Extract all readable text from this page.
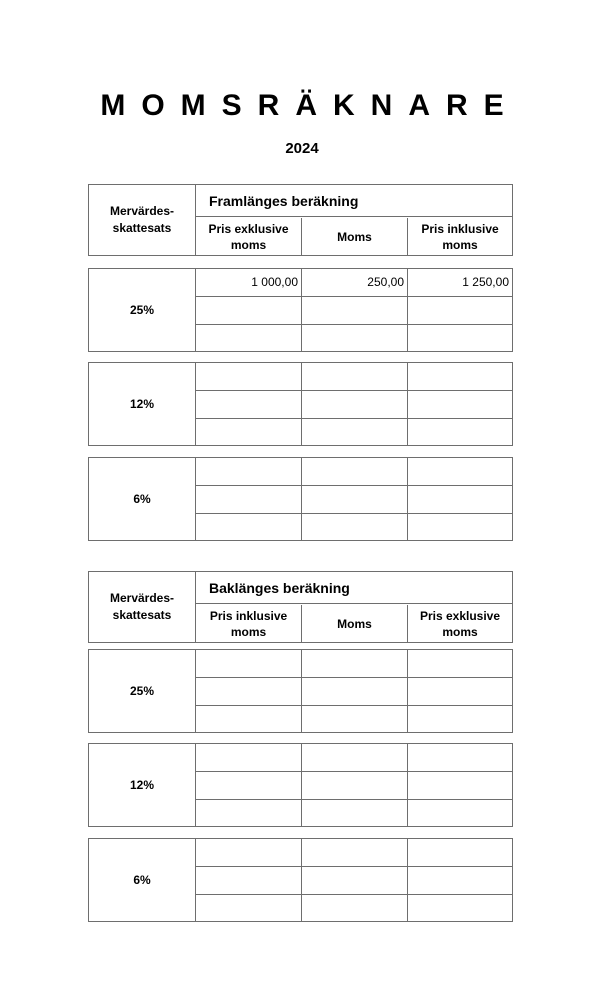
MOMSRÄKNARE
2024
Mervärdes-
skattesats
Framlänges beräkning
Pris exklusive
moms
Moms
Pris inklusive
moms
25%
1 000,00	250,00	1 250,00
12%
6%
Mervärdes-
skattesats
Baklänges beräkning
Pris inklusive
moms
Moms
Pris exklusive
moms
25%
12%
6%
